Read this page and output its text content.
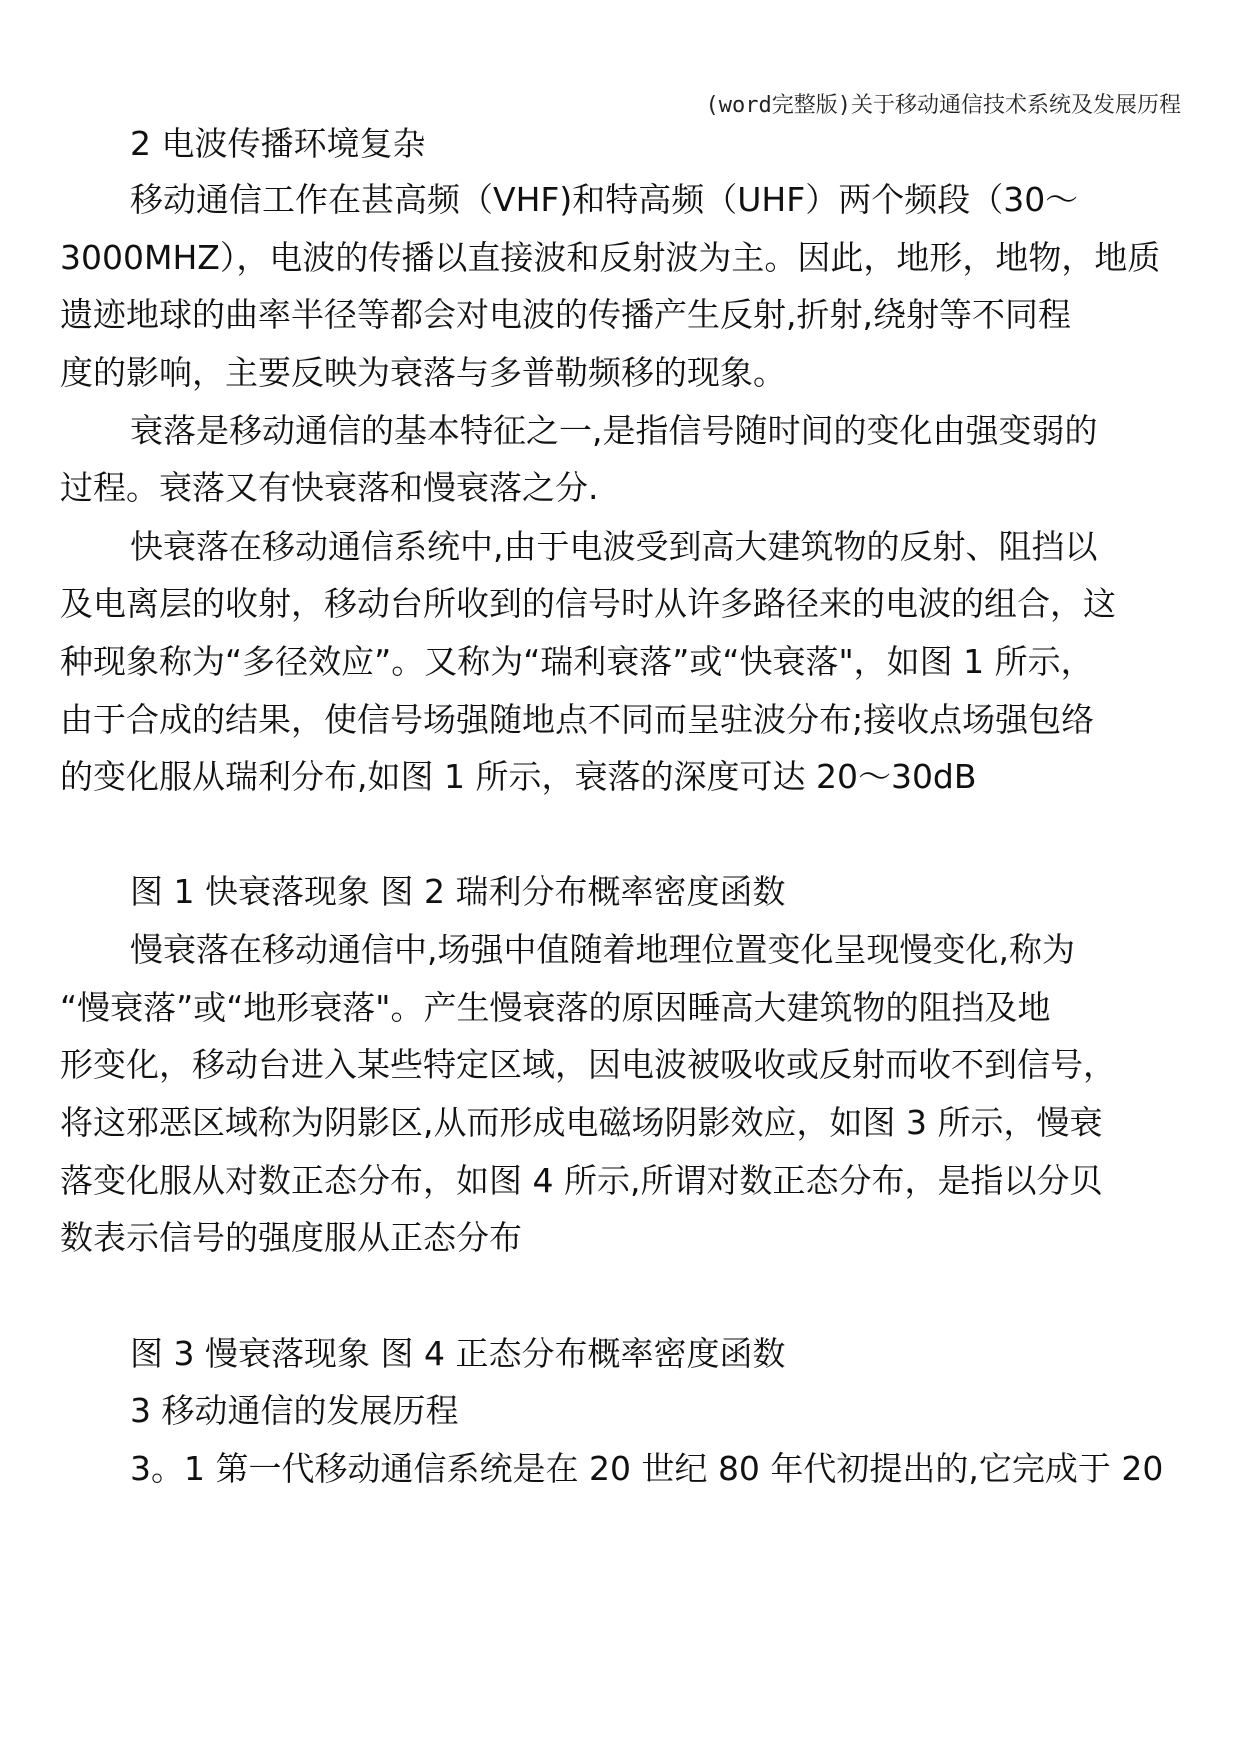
(word完整版)关于移动通信技术系统及发展历程
2 电波传播环境复杂
移动通信工作在甚高频（VHF)和特高频（UHF）两个频段（30～
3000MHZ），电波的传播以直接波和反射波为主。因此，地形，地物，地质
遗迹地球的曲率半径等都会对电波的传播产生反射,折射,绕射等不同程
度的影响，主要反映为衰落与多普勒频移的现象。
衰落是移动通信的基本特征之一,是指信号随时间的变化由强变弱的
过程。衰落又有快衰落和慢衰落之分.
快衰落在移动通信系统中,由于电波受到高大建筑物的反射、阻挡以
及电离层的收射，移动台所收到的信号时从许多路径来的电波的组合，这
种现象称为“多径效应”。又称为“瑞利衰落”或“快衰落"，如图 1 所示，
由于合成的结果，使信号场强随地点不同而呈驻波分布;接收点场强包络
的变化服从瑞利分布,如图 1 所示，衰落的深度可达 20～30dB
图 1 快衰落现象 图 2 瑞利分布概率密度函数
慢衰落在移动通信中,场强中值随着地理位置变化呈现慢变化,称为
“慢衰落”或“地形衰落"。产生慢衰落的原因睡高大建筑物的阻挡及地
形变化，移动台进入某些特定区域，因电波被吸收或反射而收不到信号，
将这邪恶区域称为阴影区,从而形成电磁场阴影效应，如图 3 所示，慢衰
落变化服从对数正态分布，如图 4 所示,所谓对数正态分布，是指以分贝
数表示信号的强度服从正态分布
图 3 慢衰落现象 图 4 正态分布概率密度函数
3 移动通信的发展历程
3。1 第一代移动通信系统是在 20 世纪 80 年代初提出的,它完成于 20
